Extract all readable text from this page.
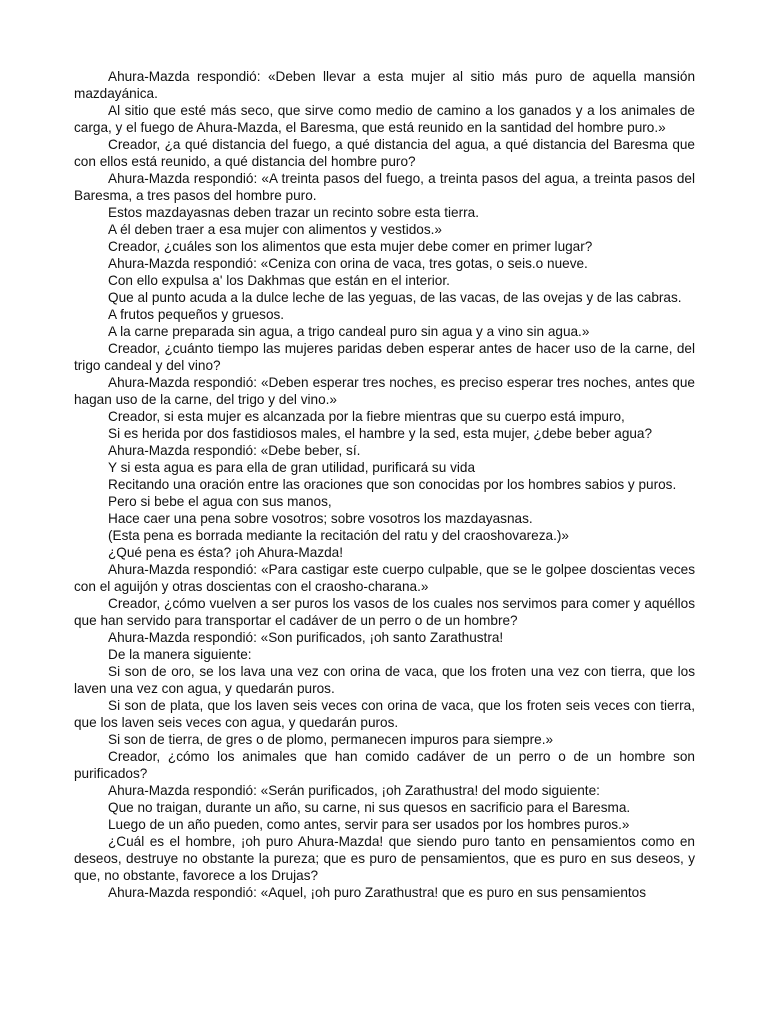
Ahura-Mazda respondió: «Deben llevar a esta mujer al sitio más puro de aquella mansión mazdayánica.

Al sitio que esté más seco, que sirve como medio de camino a los ganados y a los animales de carga, y el fuego de Ahura-Mazda, el Baresma, que está reunido en la santidad del hombre puro.»

Creador, ¿a qué distancia del fuego, a qué distancia del agua, a qué distancia del Baresma que con ellos está reunido, a qué distancia del hombre puro?

Ahura-Mazda respondió: «A treinta pasos del fuego, a treinta pasos del agua, a treinta pasos del Baresma, a tres pasos del hombre puro.

Estos mazdayasnas deben trazar un recinto sobre esta tierra.

A él deben traer a esa mujer con alimentos y vestidos.»

Creador, ¿cuáles son los alimentos que esta mujer debe comer en primer lugar?

Ahura-Mazda respondió: «Ceniza con orina de vaca, tres gotas, o seis.o nueve.

Con ello expulsa a' los Dakhmas que están en el interior.

Que al punto acuda a la dulce leche de las yeguas, de las vacas, de las ovejas y de las cabras.

A frutos pequeños y gruesos.

A la carne preparada sin agua, a trigo candeal puro sin agua y a vino sin agua.»

Creador, ¿cuánto tiempo las mujeres paridas deben esperar antes de hacer uso de la carne, del trigo candeal y del vino?

Ahura-Mazda respondió: «Deben esperar tres noches, es preciso esperar tres noches, antes que hagan uso de la carne, del trigo y del vino.»

Creador, si esta mujer es alcanzada por la fiebre mientras que su cuerpo está impuro,

Si es herida por dos fastidiosos males, el hambre y la sed, esta mujer, ¿debe beber agua?

Ahura-Mazda respondió: «Debe beber, sí.

Y si esta agua es para ella de gran utilidad, purificará su vida

Recitando una oración entre las oraciones que son conocidas por los hombres sabios y puros.

Pero si bebe el agua con sus manos,

Hace caer una pena sobre vosotros; sobre vosotros los mazdayasnas.

(Esta pena es borrada mediante la recitación del ratu y del craoshovareza.)»

¿Qué pena es ésta? ¡oh Ahura-Mazda!

Ahura-Mazda respondió: «Para castigar este cuerpo culpable, que se le golpee doscientas veces con el aguijón y otras doscientas con el craosho-charana.»

Creador, ¿cómo vuelven a ser puros los vasos de los cuales nos servimos para comer y aquéllos que han servido para transportar el cadáver de un perro o de un hombre?

Ahura-Mazda respondió: «Son purificados, ¡oh santo Zarathustra!

De la manera siguiente:

Si son de oro, se los lava una vez con orina de vaca, que los froten una vez con tierra, que los laven una vez con agua, y quedarán puros.

Si son de plata, que los laven seis veces con orina de vaca, que los froten seis veces con tierra, que los laven seis veces con agua, y quedarán puros.

Si son de tierra, de gres o de plomo, permanecen impuros para siempre.»

Creador, ¿cómo los animales que han comido cadáver de un perro o de un hombre son purificados?

Ahura-Mazda respondió: «Serán purificados, ¡oh Zarathustra! del modo siguiente:

Que no traigan, durante un año, su carne, ni sus quesos en sacrificio para el Baresma.

Luego de un año pueden, como antes, servir para ser usados por los hombres puros.»

¿Cuál es el hombre, ¡oh puro Ahura-Mazda! que siendo puro tanto en pensamientos como en deseos, destruye no obstante la pureza; que es puro de pensamientos, que es puro en sus deseos, y que, no obstante, favorece a los Drujas?

Ahura-Mazda respondió: «Aquel, ¡oh puro Zarathustra! que es puro en sus pensamientos
